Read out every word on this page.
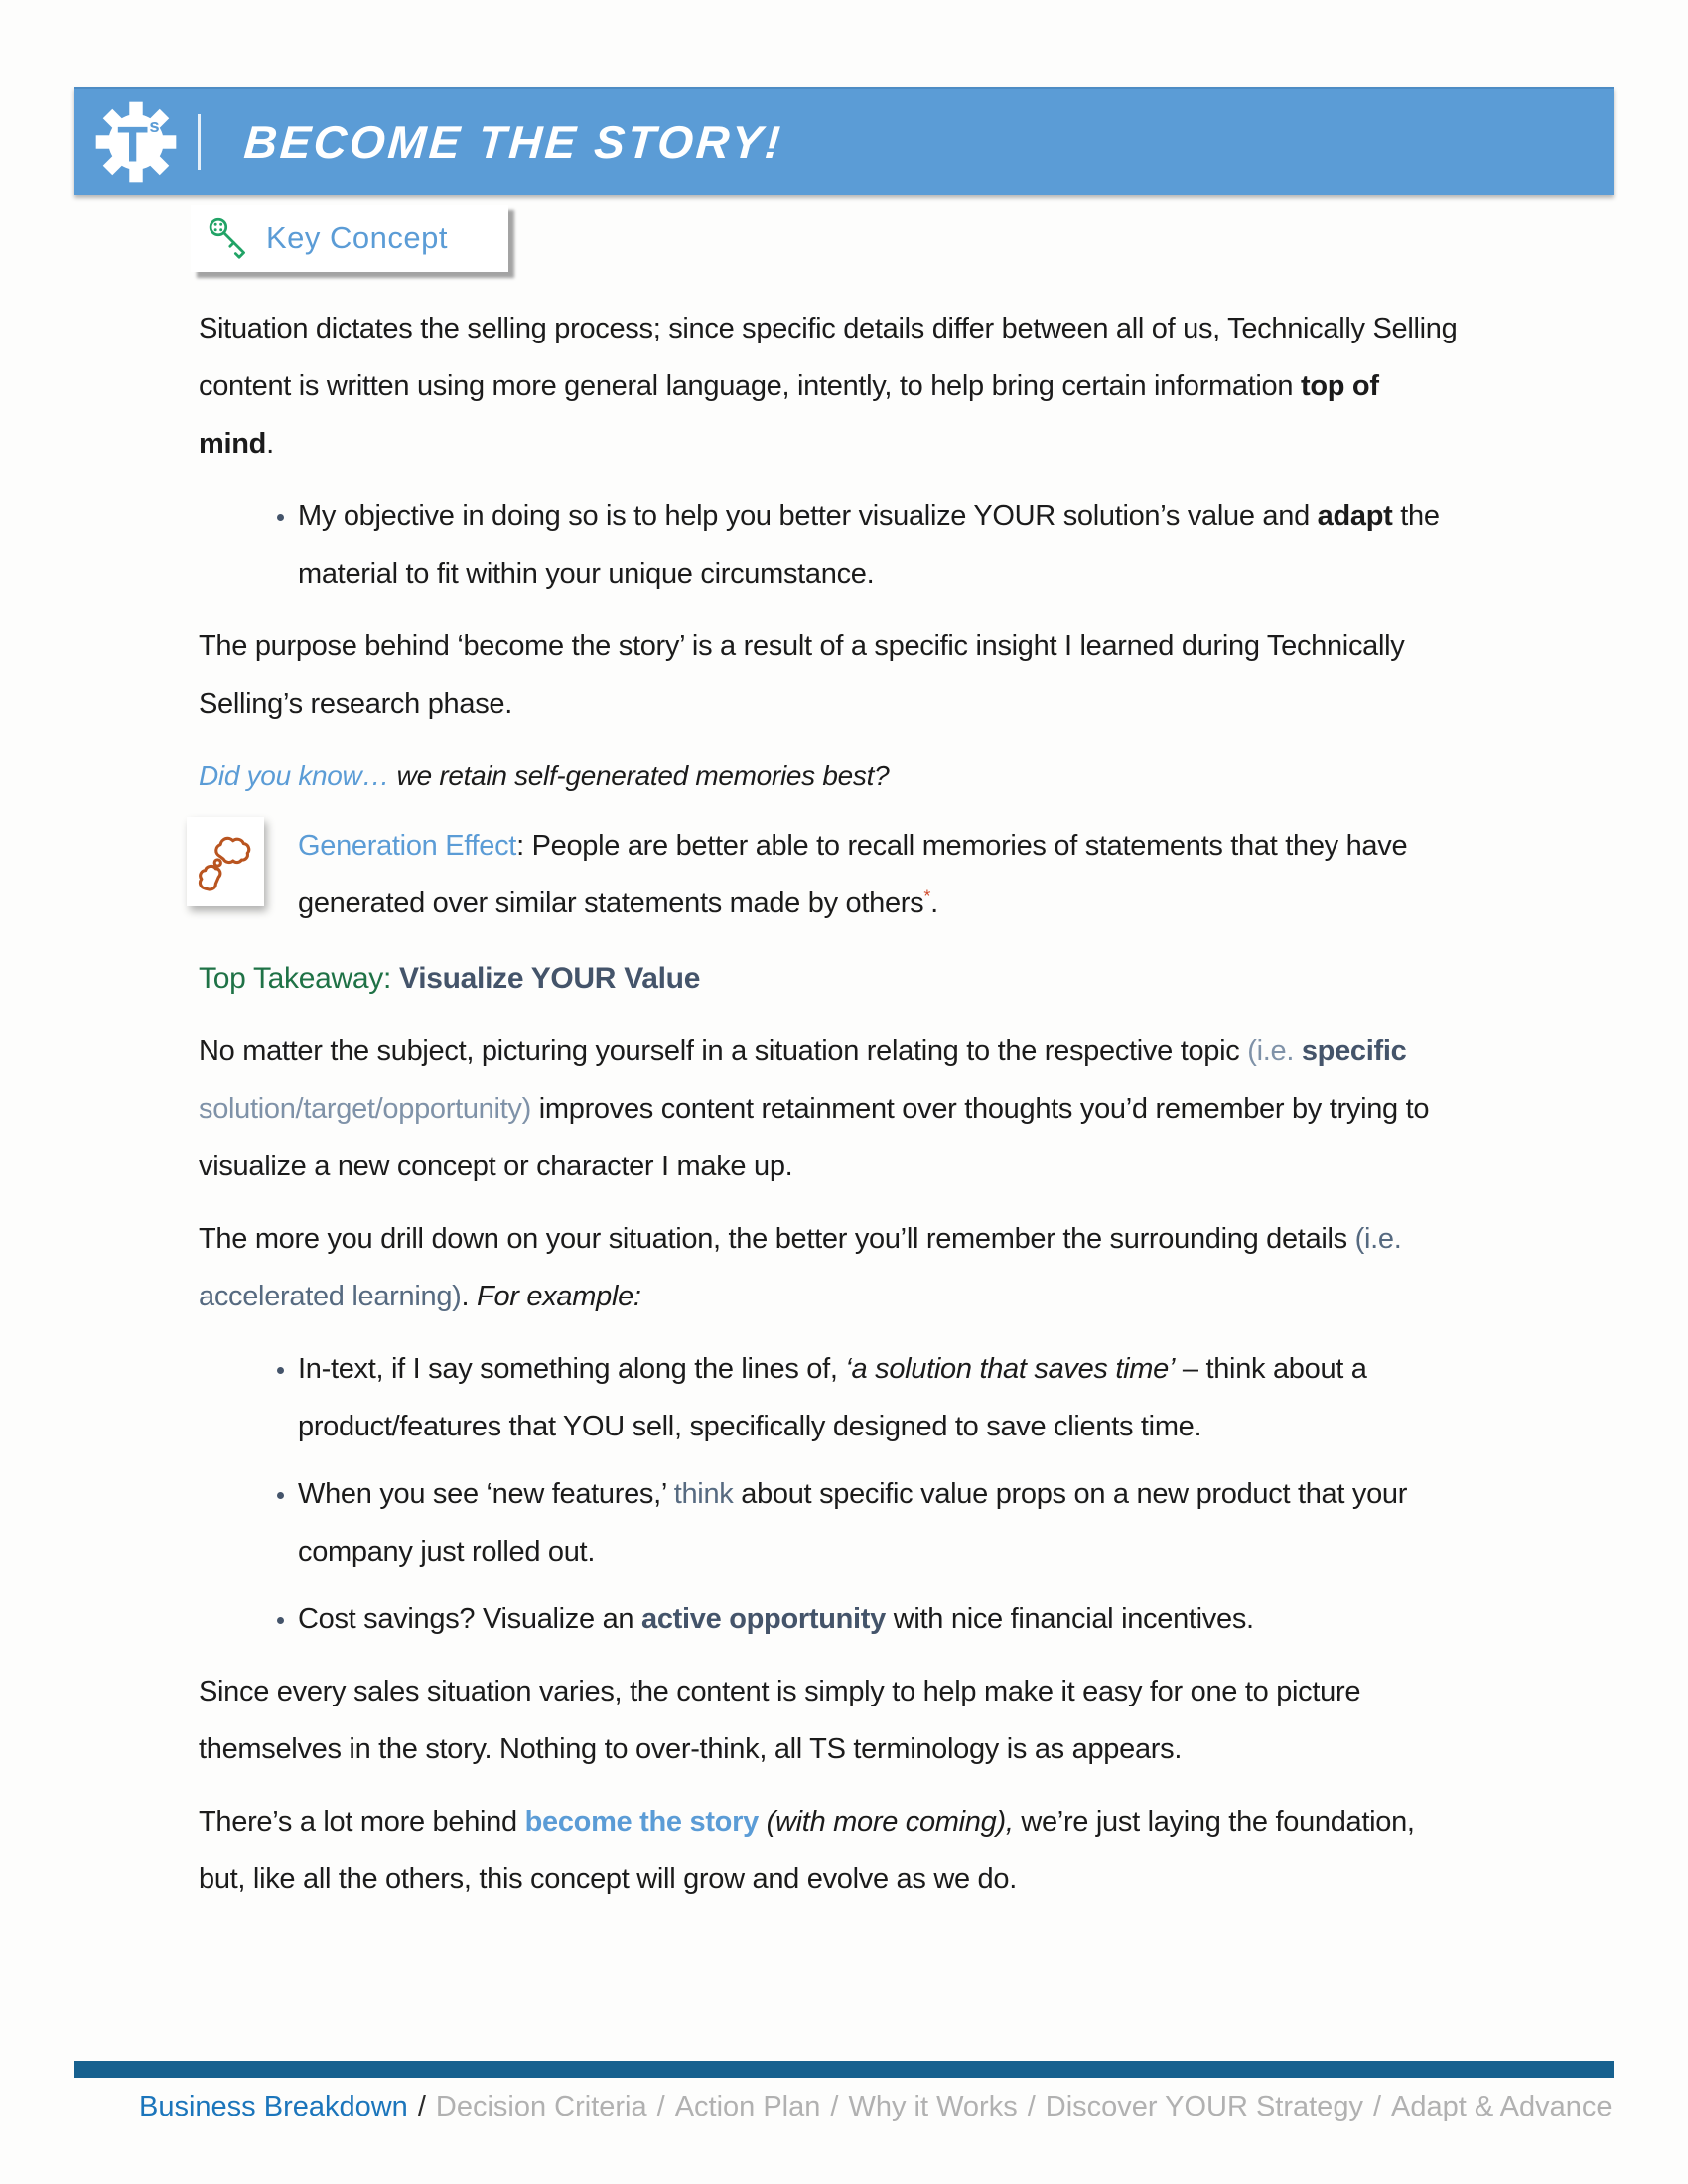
T s BECOME THE STORY!
Key Concept

Situation dictates the selling process; since specific details differ between all of us, Technically Selling content is written using more general language, intently, to help bring certain information top of mind.

• My objective in doing so is to help you better visualize YOUR solution’s value and adapt the material to fit within your unique circumstance.

The purpose behind ‘become the story’ is a result of a specific insight I learned during Technically Selling’s research phase.

Did you know… we retain self-generated memories best?

Generation Effect: People are better able to recall memories of statements that they have generated over similar statements made by others*.

Top Takeaway: Visualize YOUR Value

No matter the subject, picturing yourself in a situation relating to the respective topic (i.e. specific solution/target/opportunity) improves content retainment over thoughts you’d remember by trying to visualize a new concept or character I make up.

The more you drill down on your situation, the better you’ll remember the surrounding details (i.e. accelerated learning). For example:

• In-text, if I say something along the lines of, ‘a solution that saves time’ – think about a product/features that YOU sell, specifically designed to save clients time.
• When you see ‘new features,’ think about specific value props on a new product that your company just rolled out.
• Cost savings? Visualize an active opportunity with nice financial incentives.

Since every sales situation varies, the content is simply to help make it easy for one to picture themselves in the story. Nothing to over-think, all TS terminology is as appears.

There’s a lot more behind become the story (with more coming), we’re just laying the foundation, but, like all the others, this concept will grow and evolve as we do.

Business Breakdown / Decision Criteria / Action Plan / Why it Works / Discover YOUR Strategy / Adapt & Advance
